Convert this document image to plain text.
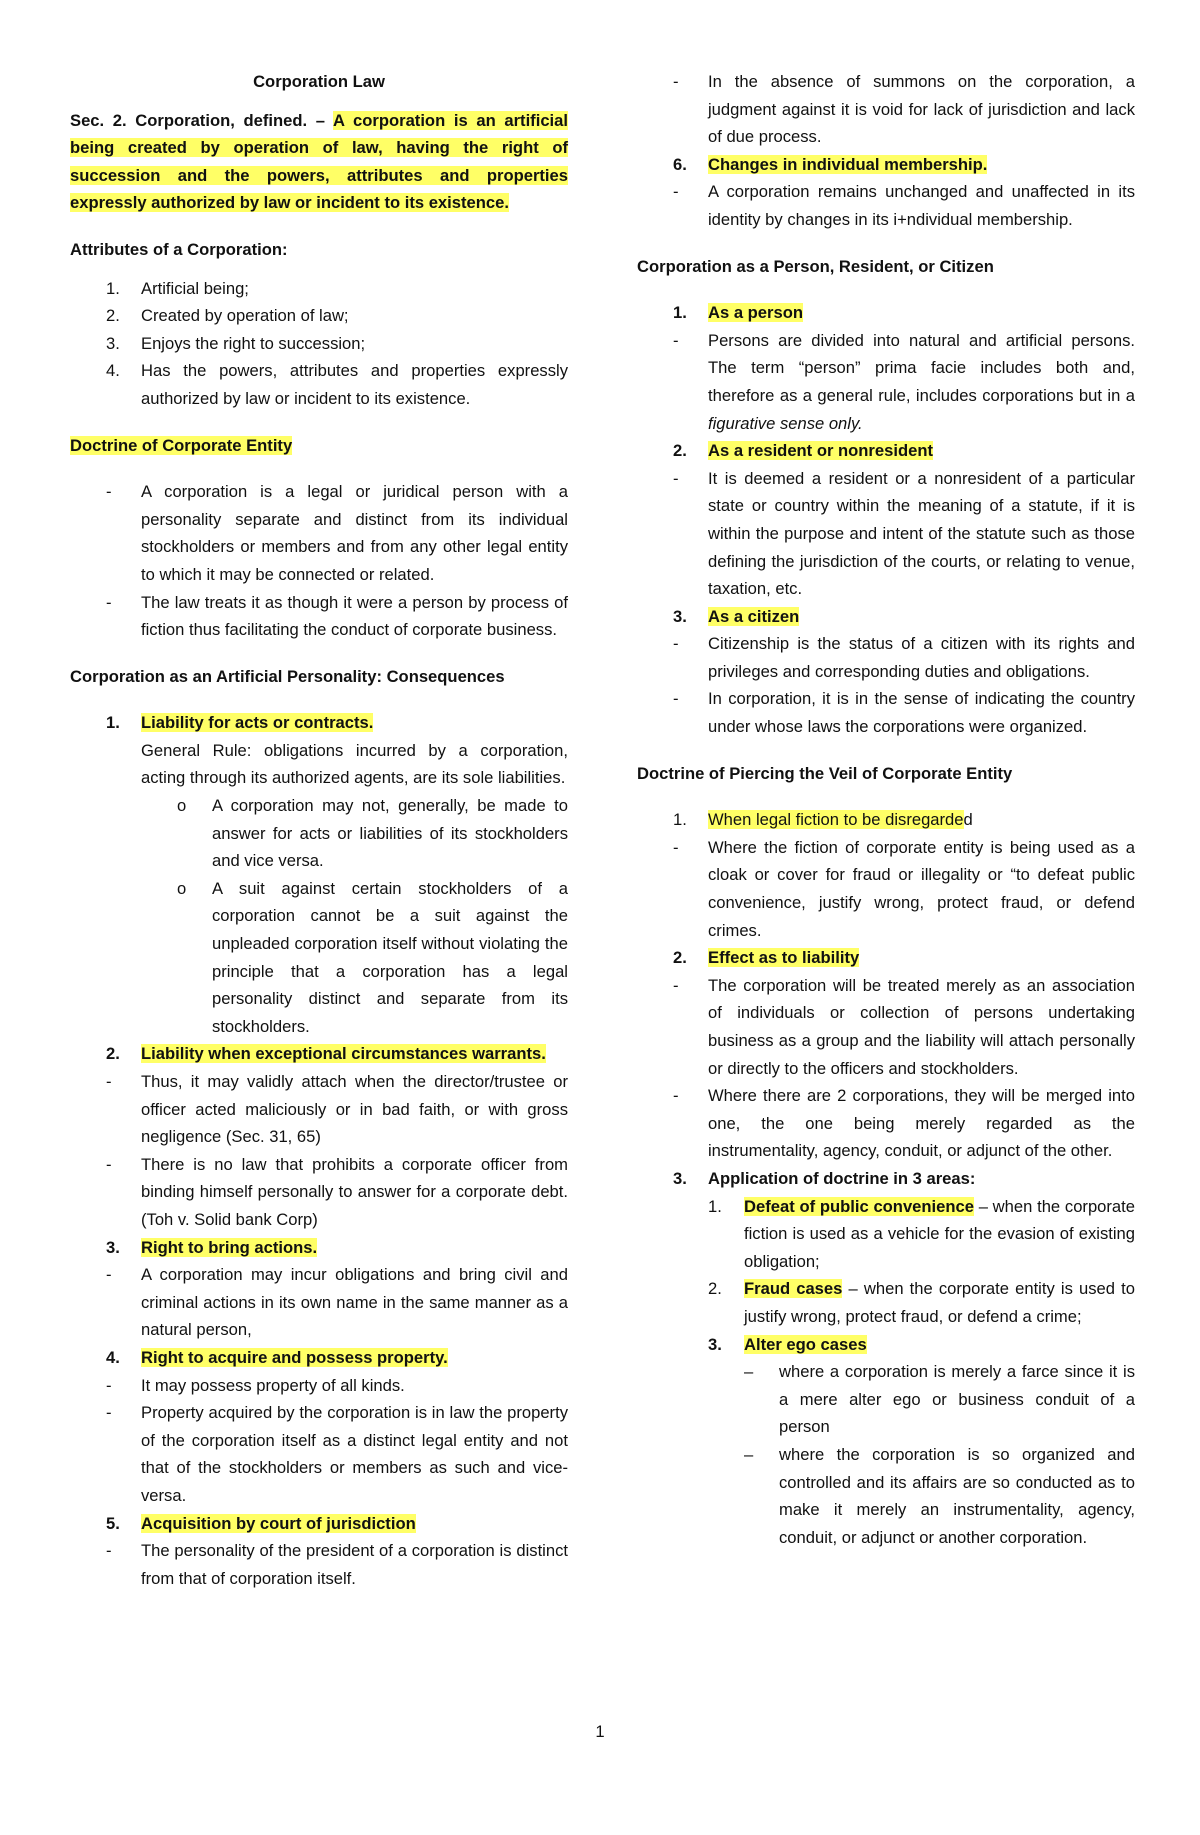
Corporation Law

Sec. 2. Corporation, defined. – A corporation is an artificial being created by operation of law, having the right of succession and the powers, attributes and properties expressly authorized by law or incident to its existence.

Attributes of a Corporation:

1. Artificial being;
2. Created by operation of law;
3. Enjoys the right to succession;
4. Has the powers, attributes and properties expressly authorized by law or incident to its existence.

Doctrine of Corporate Entity

- A corporation is a legal or juridical person with a personality separate and distinct from its individual stockholders or members and from any other legal entity to which it may be connected or related.
- The law treats it as though it were a person by process of fiction thus facilitating the conduct of corporate business.

Corporation as an Artificial Personality: Consequences

1. Liability for acts or contracts.
General Rule: obligations incurred by a corporation, acting through its authorized agents, are its sole liabilities.
o A corporation may not, generally, be made to answer for acts or liabilities of its stockholders and vice versa.
o A suit against certain stockholders of a corporation cannot be a suit against the unpleaded corporation itself without violating the principle that a corporation has a legal personality distinct and separate from its stockholders.
2. Liability when exceptional circumstances warrants.
- Thus, it may validly attach when the director/trustee or officer acted maliciously or in bad faith, or with gross negligence (Sec. 31, 65)
- There is no law that prohibits a corporate officer from binding himself personally to answer for a corporate debt. (Toh v. Solid bank Corp)
3. Right to bring actions.
- A corporation may incur obligations and bring civil and criminal actions in its own name in the same manner as a natural person,
4. Right to acquire and possess property.
- It may possess property of all kinds.
- Property acquired by the corporation is in law the property of the corporation itself as a distinct legal entity and not that of the stockholders or members as such and vice-versa.
5. Acquisition by court of jurisdiction
- The personality of the president of a corporation is distinct from that of corporation itself.
- In the absence of summons on the corporation, a judgment against it is void for lack of jurisdiction and lack of due process.
6. Changes in individual membership.
- A corporation remains unchanged and unaffected in its identity by changes in its i+ndividual membership.

Corporation as a Person, Resident, or Citizen

1. As a person
- Persons are divided into natural and artificial persons. The term “person” prima facie includes both and, therefore as a general rule, includes corporations but in a figurative sense only.
2. As a resident or nonresident
- It is deemed a resident or a nonresident of a particular state or country within the meaning of a statute, if it is within the purpose and intent of the statute such as those defining the jurisdiction of the courts, or relating to venue, taxation, etc.
3. As a citizen
- Citizenship is the status of a citizen with its rights and privileges and corresponding duties and obligations.
- In corporation, it is in the sense of indicating the country under whose laws the corporations were organized.

Doctrine of Piercing the Veil of Corporate Entity

1. When legal fiction to be disregarded
- Where the fiction of corporate entity is being used as a cloak or cover for fraud or illegality or “to defeat public convenience, justify wrong, protect fraud, or defend crimes.
2. Effect as to liability
- The corporation will be treated merely as an association of individuals or collection of persons undertaking business as a group and the liability will attach personally or directly to the officers and stockholders.
- Where there are 2 corporations, they will be merged into one, the one being merely regarded as the instrumentality, agency, conduit, or adjunct of the other.
3. Application of doctrine in 3 areas:
1. Defeat of public convenience – when the corporate fiction is used as a vehicle for the evasion of existing obligation;
2. Fraud cases – when the corporate entity is used to justify wrong, protect fraud, or defend a crime;
3. Alter ego cases
– where a corporation is merely a farce since it is a mere alter ego or business conduit of a person
– where the corporation is so organized and controlled and its affairs are so conducted as to make it merely an instrumentality, agency, conduit, or adjunct or another corporation.
1
